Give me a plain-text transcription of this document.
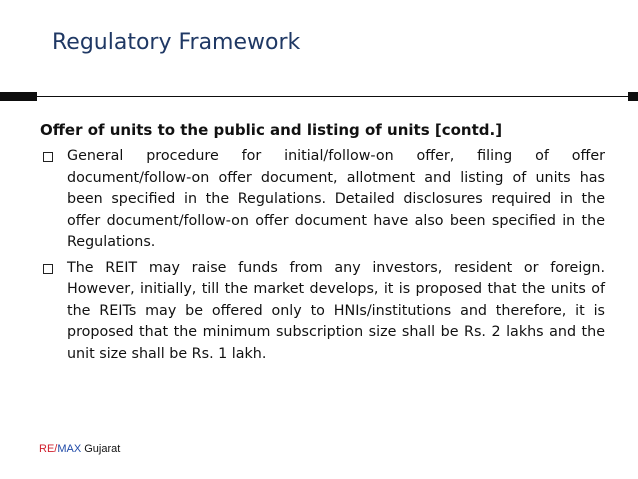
Regulatory Framework
Offer of units to the public and listing of units [contd.]
General procedure for initial/follow-on offer, filing of offer document/follow-on offer document, allotment and listing of units has been specified in the Regulations. Detailed disclosures required in the offer document/follow-on offer document have also been specified in the Regulations.
The REIT may raise funds from any investors, resident or foreign. However, initially, till the market develops, it is proposed that the units of the REITs may be offered only to HNIs/institutions and therefore, it is proposed that the minimum subscription size shall be Rs. 2 lakhs and the unit size shall be Rs. 1 lakh.
RE/MAX Gujarat
